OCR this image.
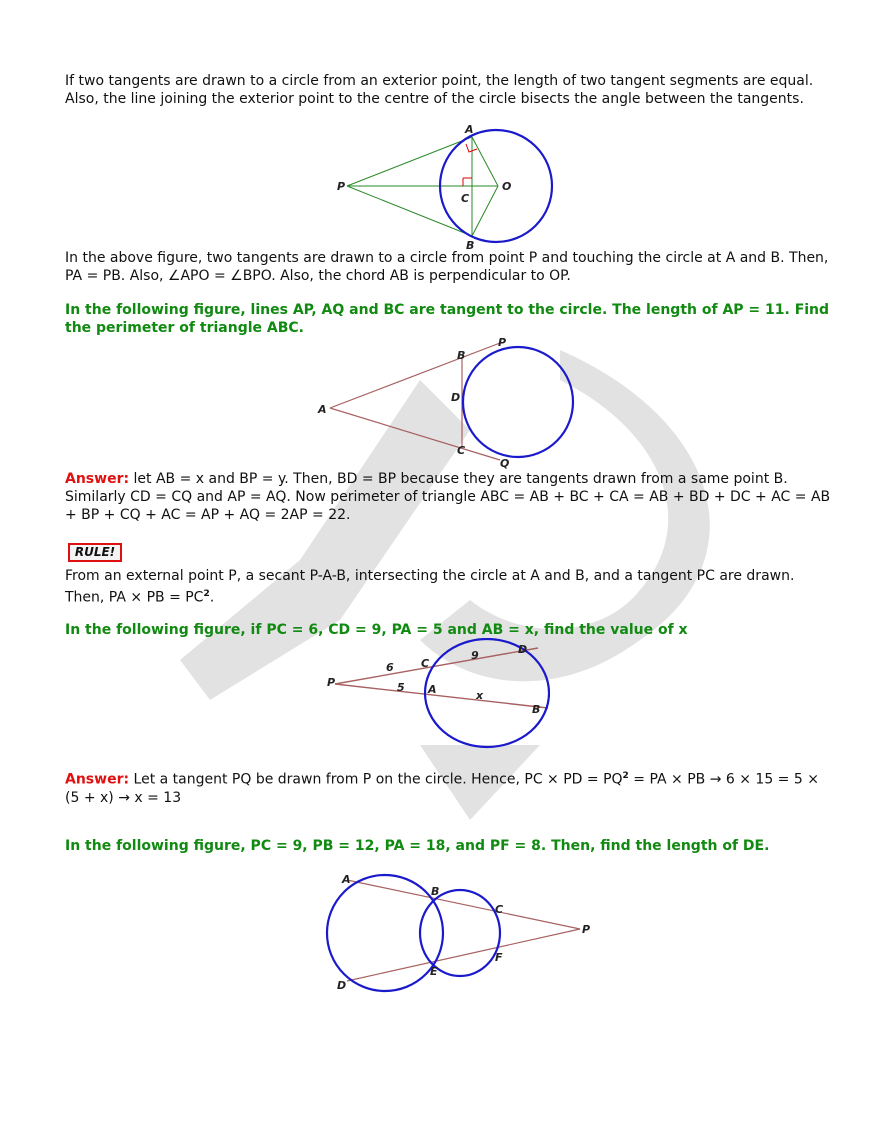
If two tangents are drawn to a circle from an exterior point, the length of two tangent segments are equal. Also, the line joining the exterior point to the centre of the circle bisects the angle between the tangents.

A
P
C
O
B

In the above figure, two tangents are drawn to a circle from point P and touching the circle at A and B. Then, PA = PB. Also, ∠APO = ∠BPO. Also, the chord AB is perpendicular to OP.

In the following figure, lines AP, AQ and BC are tangent to the circle. The length of AP = 11. Find the perimeter of triangle ABC.

B
P
A
D
C
Q

Answer: let AB = x and BP = y. Then, BD = BP because they are tangents drawn from a same point B. Similarly CD = CQ and AP = AQ. Now perimeter of triangle ABC = AB + BC + CA = AB + BD + DC + AC = AB + BP + CQ + AC = AP + AQ = 2AP = 22.

RULE!

From an external point P, a secant P-A-B, intersecting the circle at A and B, and a tangent PC are drawn. Then, PA × PB = $PC^2$.

In the following figure, if PC = 6, CD = 9, PA = 5 and AB = x, find the value of x

P
6 C
9	D
5 A	x
B

Answer: Let a tangent PQ be drawn from P on the circle. Hence, PC × PD = $PQ^2$ = PA × PB → 6 × 15 = 5 × (5 + x) → x = 13

In the following figure, PC = 9, PB = 12, PA = 18, and PF = 8. Then, find the length of DE.

A
B
C
P
F
E
D
